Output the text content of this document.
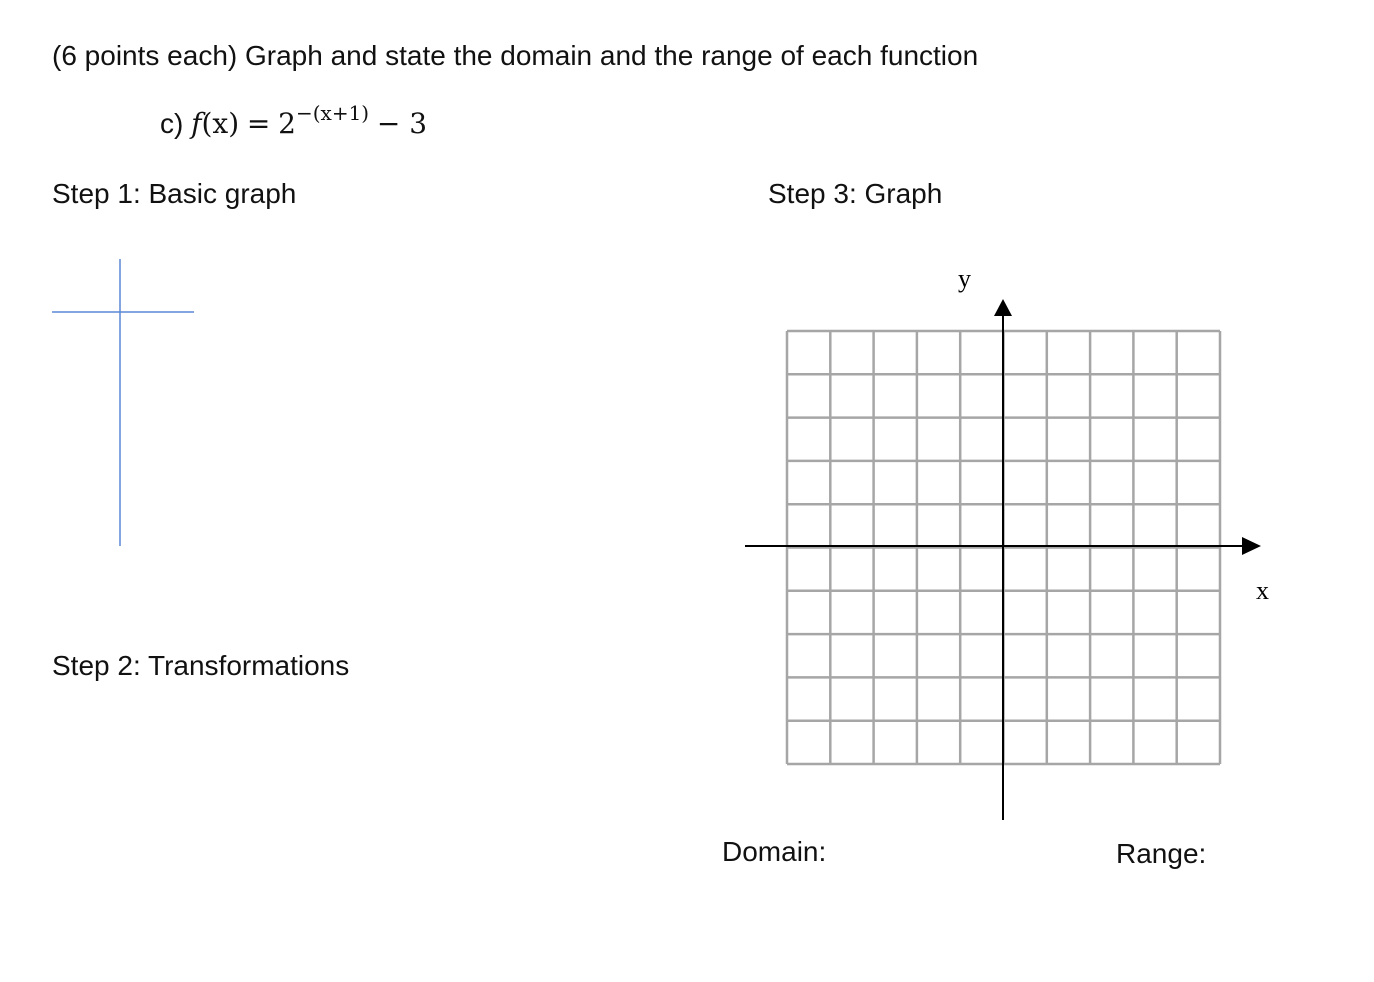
(6 points each) Graph and state the domain and the range of each function
c) $f(x) = 2^{-(x+1)} - 3$
Step 1: Basic graph	Step 3: Graph
Step 2: Transformations
y
x
Domain:	Range:
